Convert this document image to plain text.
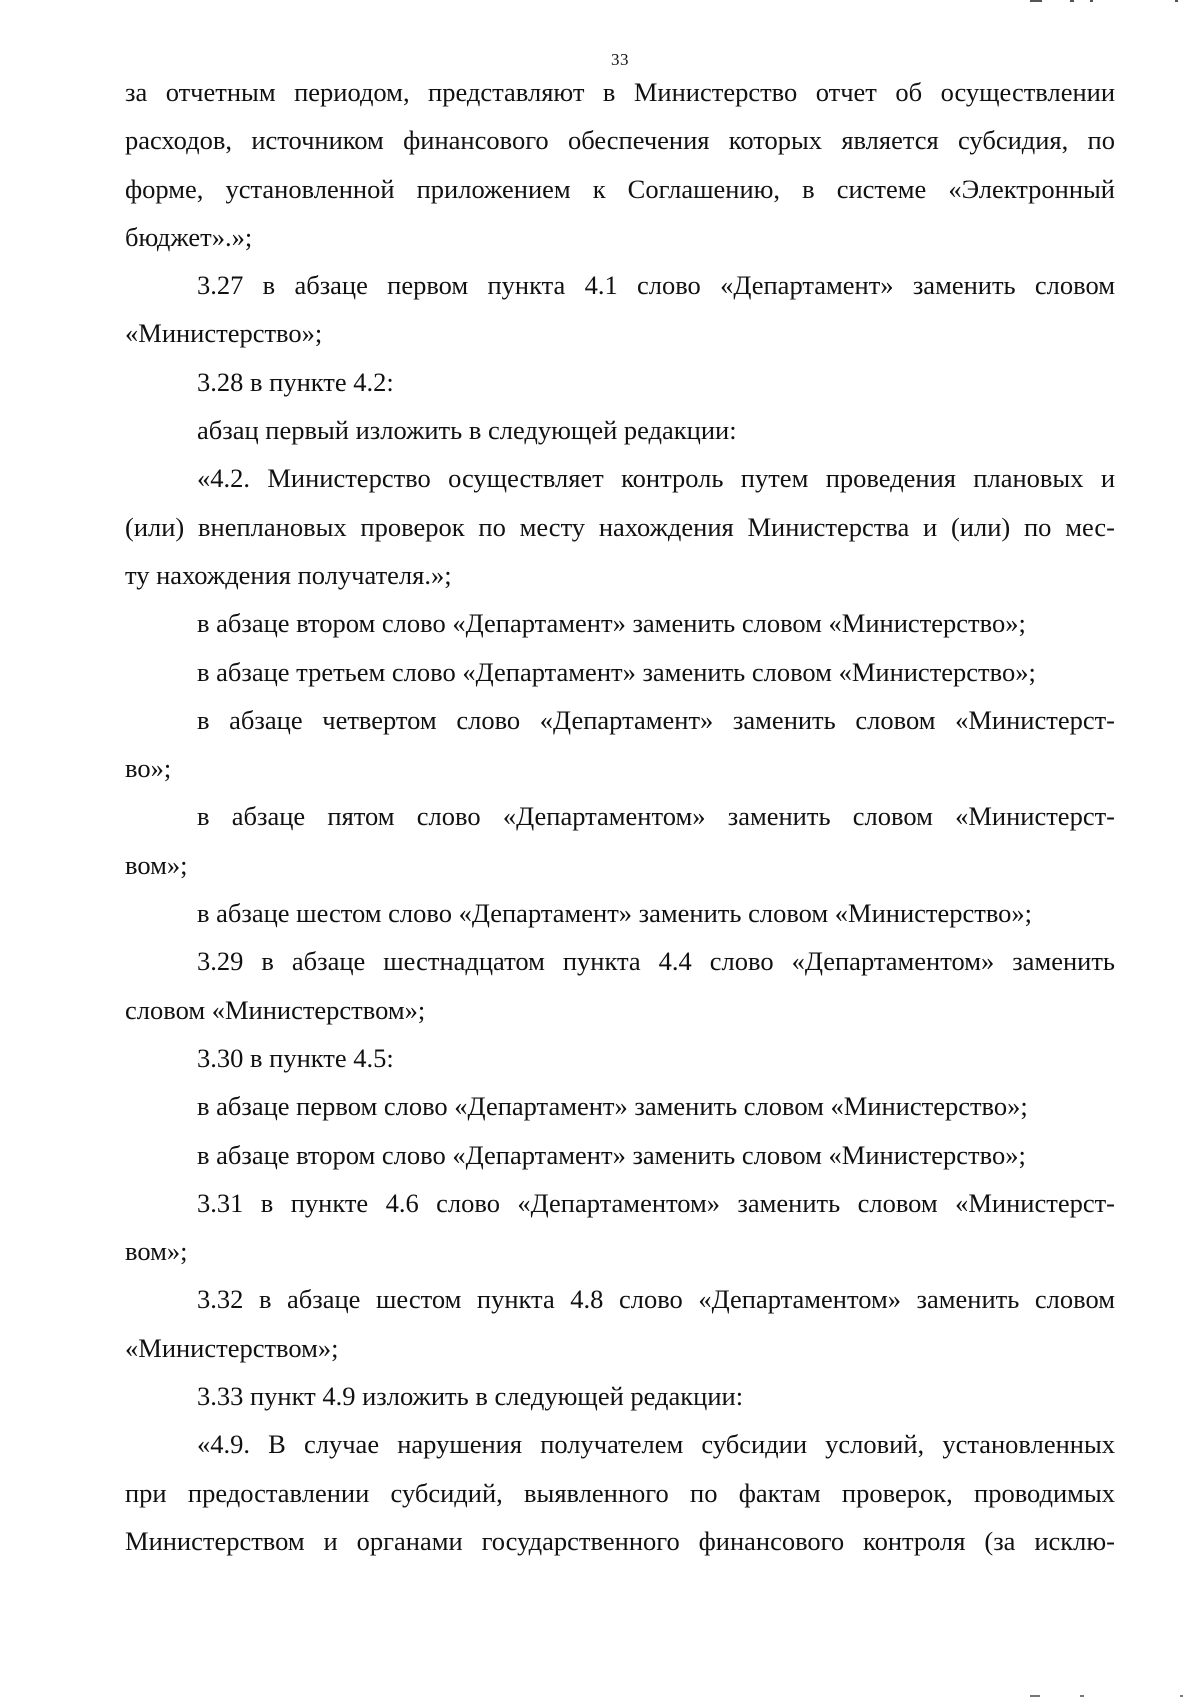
33
за отчетным периодом, представляют в Министерство отчет об осуществлении
расходов, источником финансового обеспечения которых является субсидия, по
форме, установленной приложением к Соглашению, в системе «Электронный
бюджет».»;
3.27 в абзаце первом пункта 4.1 слово «Департамент» заменить словом
«Министерство»;
3.28 в пункте 4.2:
абзац первый изложить в следующей редакции:
«4.2. Министерство осуществляет контроль путем проведения плановых и
(или) внеплановых проверок по месту нахождения Министерства и (или) по мес-
ту нахождения получателя.»;
в абзаце втором слово «Департамент» заменить словом «Министерство»;
в абзаце третьем слово «Департамент» заменить словом «Министерство»;
в абзаце четвертом слово «Департамент» заменить словом «Министерст-
во»;
в абзаце пятом слово «Департаментом» заменить словом «Министерст-
вом»;
в абзаце шестом слово «Департамент» заменить словом «Министерство»;
3.29 в абзаце шестнадцатом пункта 4.4 слово «Департаментом» заменить
словом «Министерством»;
3.30 в пункте 4.5:
в абзаце первом слово «Департамент» заменить словом «Министерство»;
в абзаце втором слово «Департамент» заменить словом «Министерство»;
3.31 в пункте 4.6 слово «Департаментом» заменить словом «Министерст-
вом»;
3.32 в абзаце шестом пункта 4.8 слово «Департаментом» заменить словом
«Министерством»;
3.33 пункт 4.9 изложить в следующей редакции:
«4.9. В случае нарушения получателем субсидии условий, установленных
при предоставлении субсидий, выявленного по фактам проверок, проводимых
Министерством и органами государственного финансового контроля (за исклю-
